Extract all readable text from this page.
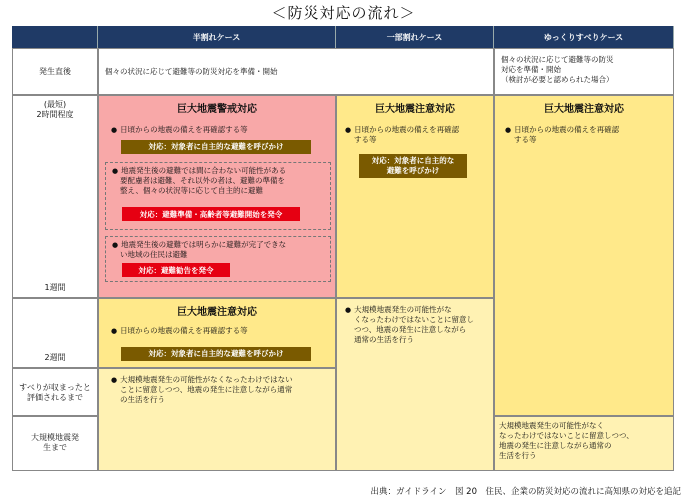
＜防災対応の流れ＞
半割れケース	一部割れケース	ゆっくりすべりケース
発生直後
(最短)
2時間程度
1週間
2週間
すべりが収まったと
評価されるまで
大規模地震発
生まで
個々の状況に応じて避難等の防災対応を準備・開始
個々の状況に応じて避難等の防災
対応を準備・開始
（検討が必要と認められた場合）
巨大地震警戒対応
● 日頃からの地震の備えを再確認する等
対応：対象者に自主的な避難を呼びかけ
● 地震発生後の避難では間に合わない可能性がある
要配慮者は避難、それ以外の者は、避難の準備を
整え、個々の状況等に応じて自主的に避難
対応：避難準備・高齢者等避難開始を発令
● 地震発生後の避難では明らかに避難が完了できな
い地域の住民は避難
対応：避難勧告を発令
巨大地震注意対応
● 日頃からの地震の備えを再確認する等
対応：対象者に自主的な避難を呼びかけ
● 大規模地震発生の可能性がなくなったわけではない
ことに留意しつつ、地震の発生に注意しながら通常
の生活を行う
巨大地震注意対応
● 日頃からの地震の備えを再確認
する等
対応：対象者に自主的な
避難を呼びかけ
● 大規模地震発生の可能性がな
くなったわけではないことに留意し
つつ、地震の発生に注意しながら
通常の生活を行う
巨大地震注意対応
● 日頃からの地震の備えを再確認
する等
大規模地震発生の可能性がなく
なったわけではないことに留意しつつ、
地震の発生に注意しながら通常の
生活を行う
出典：ガイドライン　図 20　住民、企業の防災対応の流れに高知県の対応を追記
